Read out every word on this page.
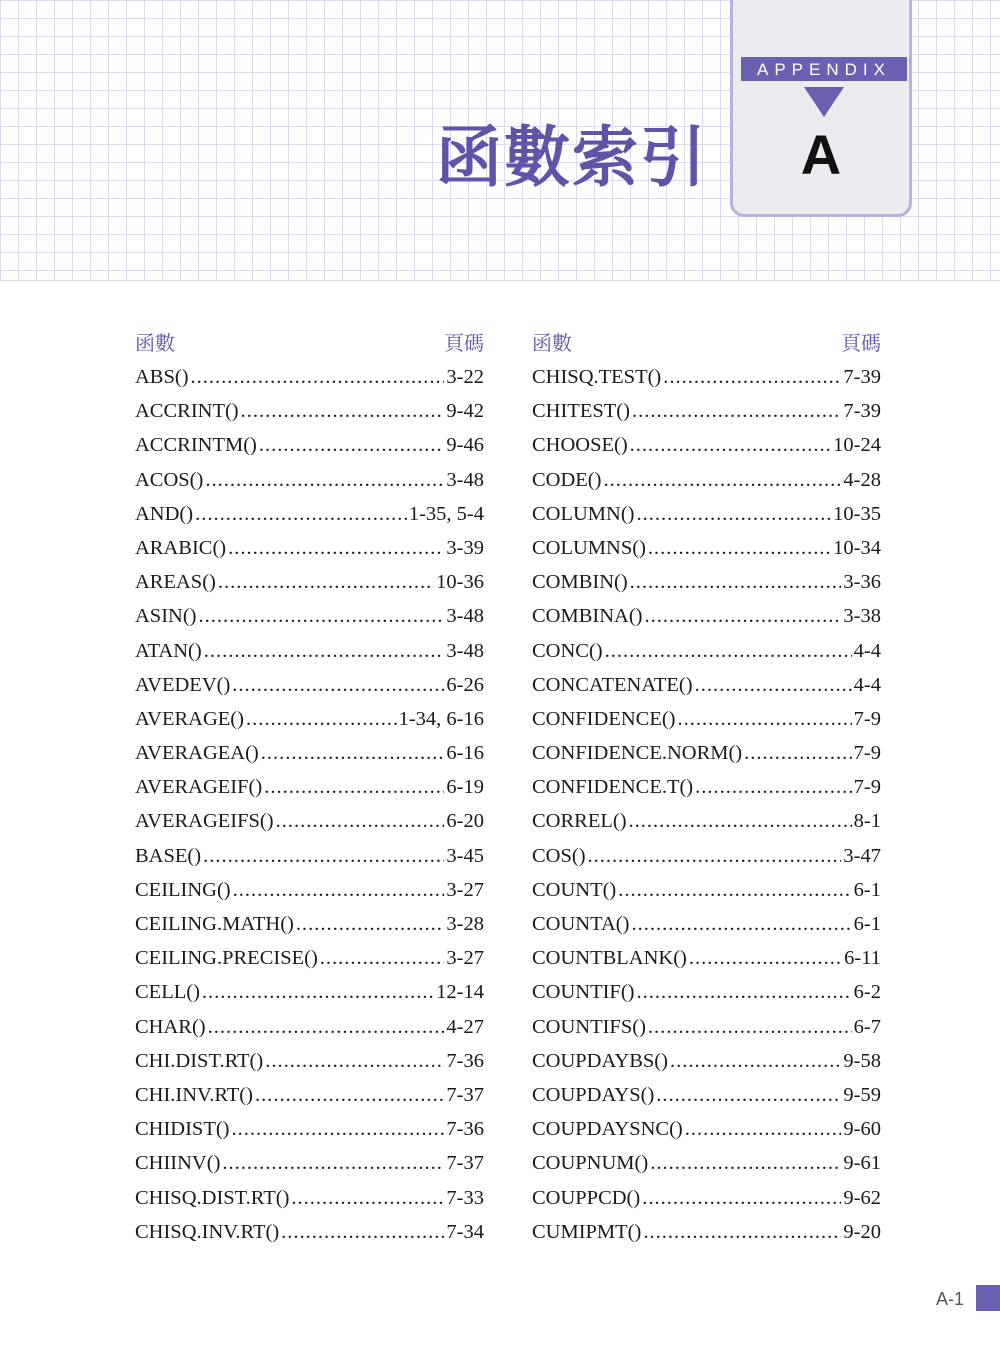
函數索引
APPENDIX
A
函數	頁碼
ABS() .....	3-22
ACCRINT() .....	9-42
ACCRINTM() .....	9-46
ACOS() .....	3-48
AND() .....	1-35, 5-4
ARABIC() .....	3-39
AREAS() .....	10-36
ASIN() .....	3-48
ATAN() .....	3-48
AVEDEV() .....	6-26
AVERAGE() .....	1-34, 6-16
AVERAGEA() .....	6-16
AVERAGEIF() .....	6-19
AVERAGEIFS() .....	6-20
BASE() .....	3-45
CEILING() .....	3-27
CEILING.MATH() .....	3-28
CEILING.PRECISE() .....	3-27
CELL() .....	12-14
CHAR() .....	4-27
CHI.DIST.RT() .....	7-36
CHI.INV.RT() .....	7-37
CHIDIST() .....	7-36
CHIINV() .....	7-37
CHISQ.DIST.RT() .....	7-33
CHISQ.INV.RT() .....	7-34
函數	頁碼
CHISQ.TEST() .....	7-39
CHITEST() .....	7-39
CHOOSE() .....	10-24
CODE() .....	4-28
COLUMN() .....	10-35
COLUMNS() .....	10-34
COMBIN() .....	3-36
COMBINA() .....	3-38
CONC() .....	4-4
CONCATENATE() .....	4-4
CONFIDENCE() .....	7-9
CONFIDENCE.NORM() .....	7-9
CONFIDENCE.T() .....	7-9
CORREL() .....	8-1
COS() .....	3-47
COUNT() .....	6-1
COUNTA() .....	6-1
COUNTBLANK() .....	6-11
COUNTIF() .....	6-2
COUNTIFS() .....	6-7
COUPDAYBS() .....	9-58
COUPDAYS() .....	9-59
COUPDAYSNC() .....	9-60
COUPNUM() .....	9-61
COUPPCD() .....	9-62
CUMIPMT() .....	9-20
A-1
